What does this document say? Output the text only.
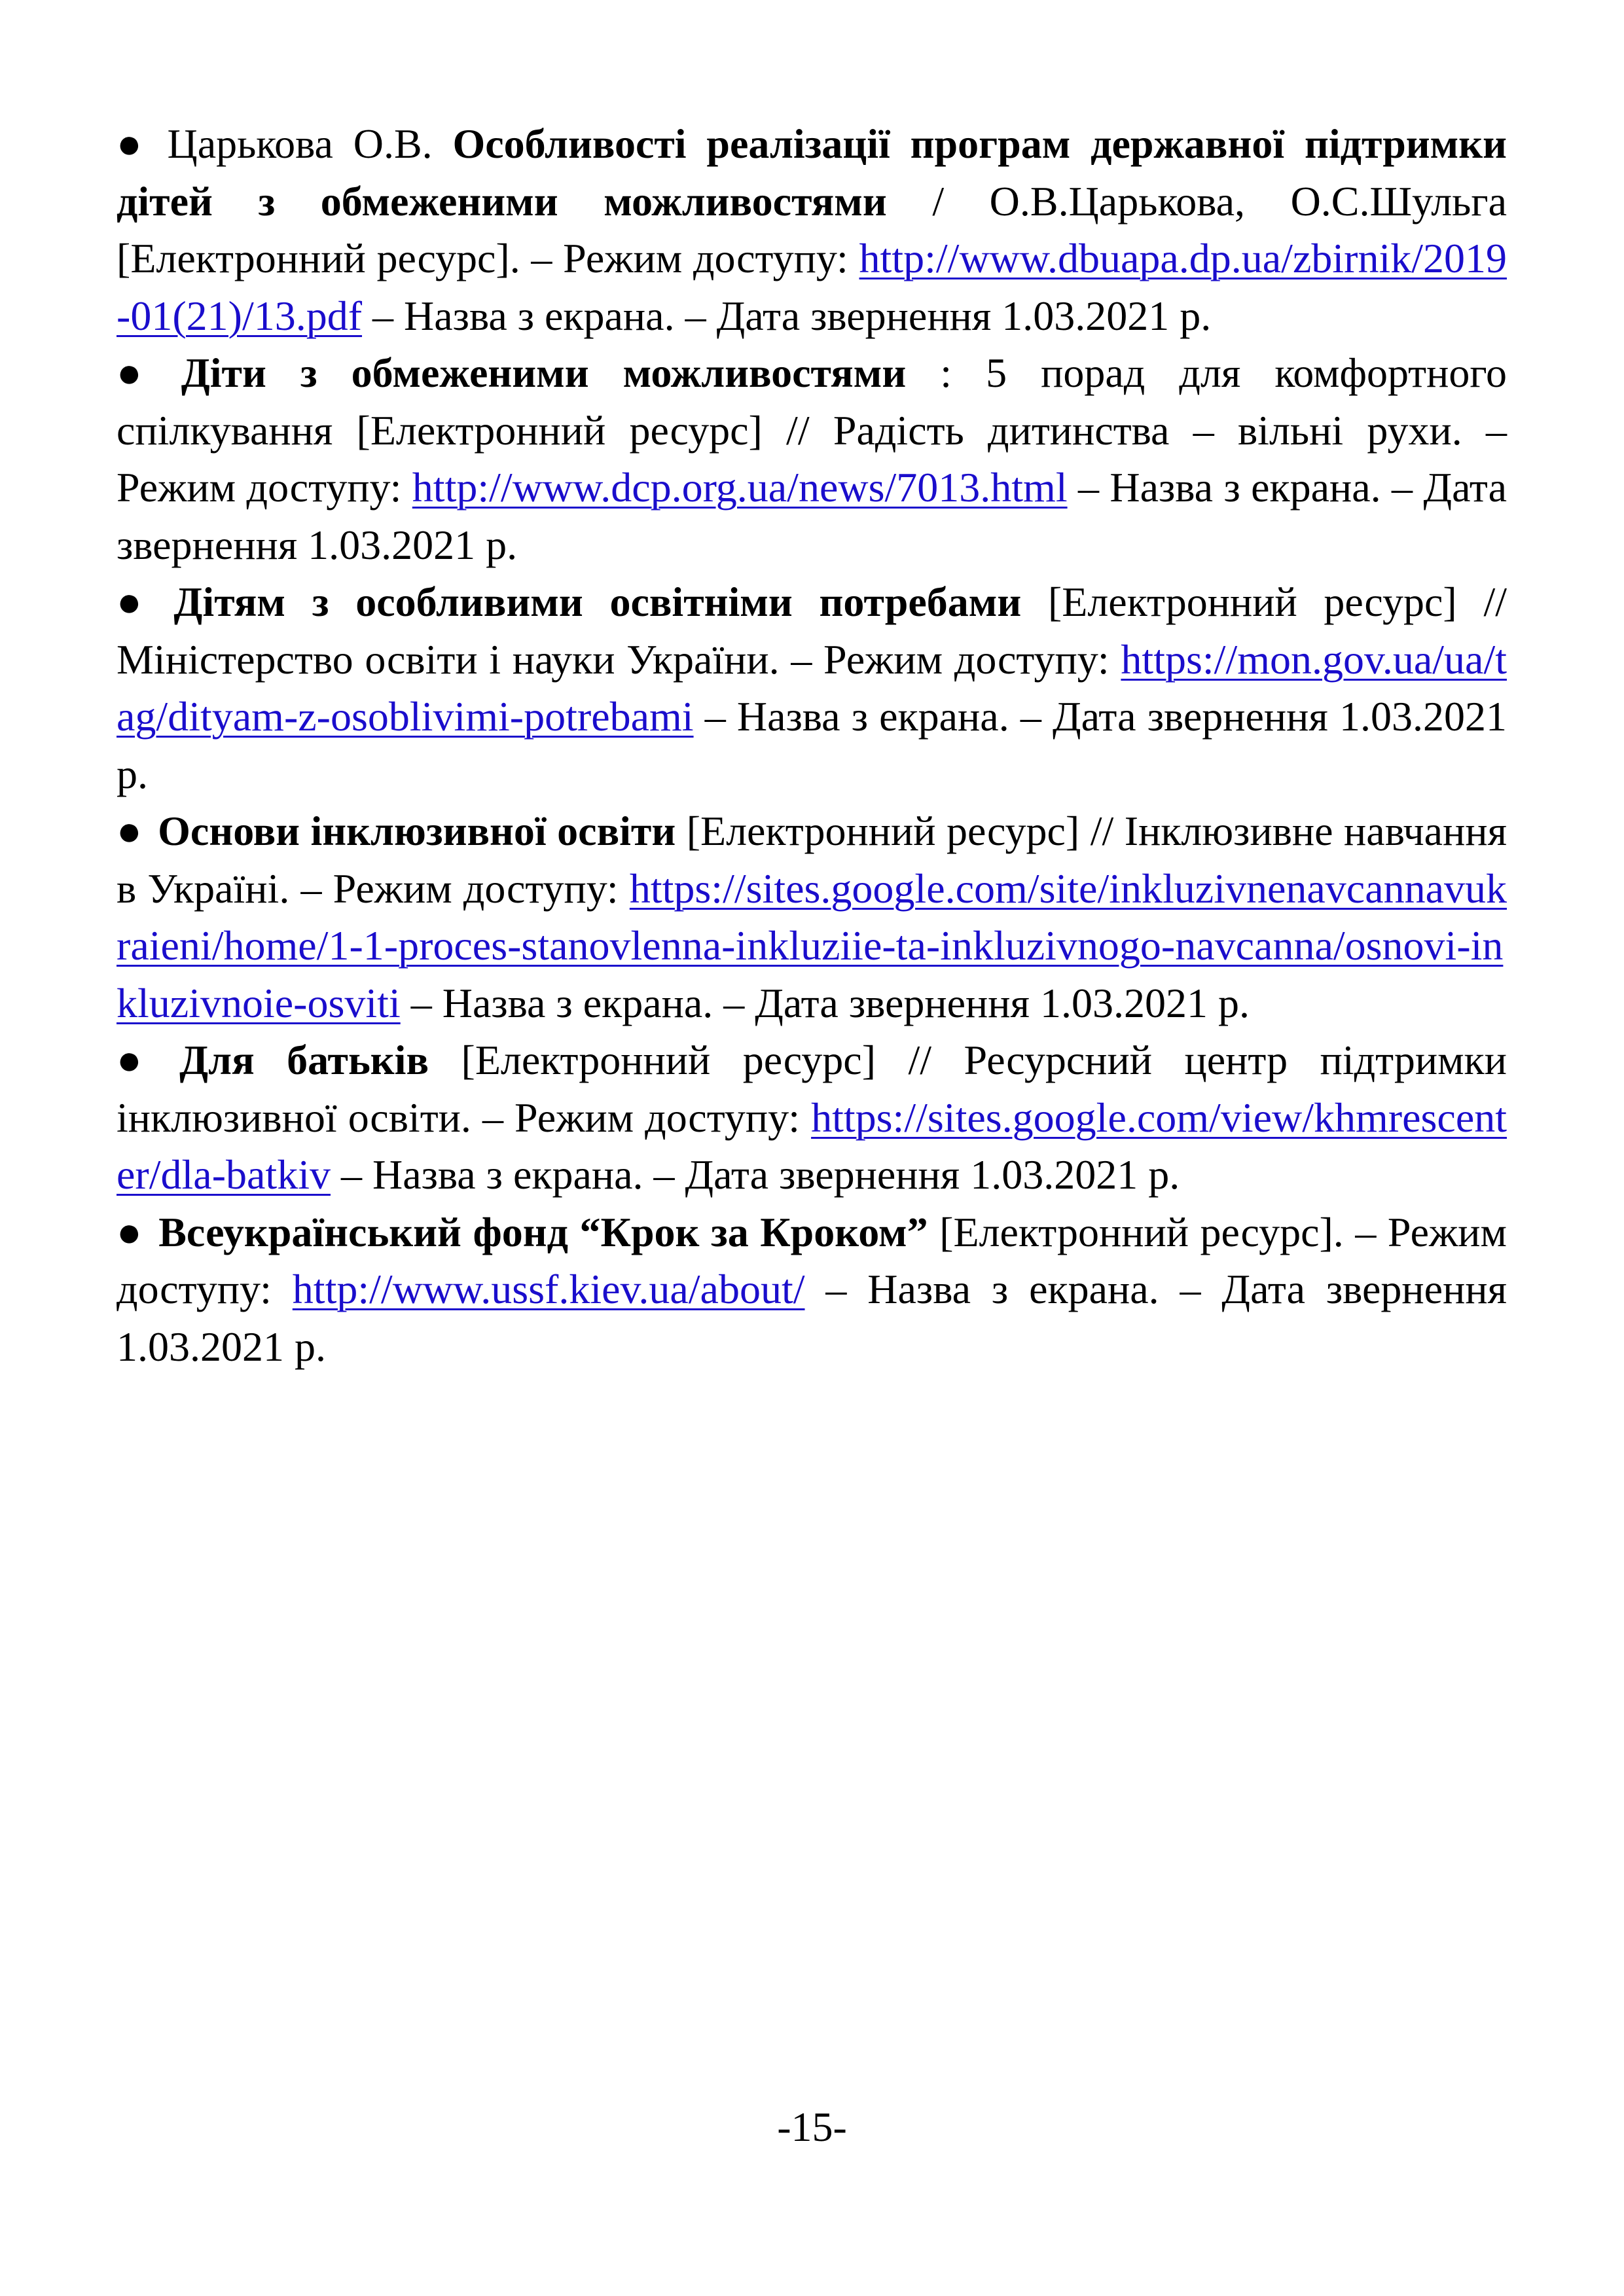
● Царькова О.В. Особливості реалізації програм державної підтримки дітей з обмеженими можливостями / О.В.Царькова, О.С.Шульга [Електронний ресурс]. – Режим доступу: http://www.dbuapa.dp.ua/zbirnik/2019-01(21)/13.pdf – Назва з екрана. – Дата звернення 1.03.2021 р.

● Діти з обмеженими можливостями : 5 порад для комфортного спілкування [Електронний ресурс] // Радість дитинства – вільні рухи. – Режим доступу: http://www.dcp.org.ua/news/7013.html – Назва з екрана. – Дата звернення 1.03.2021 р.

● Дітям з особливими освітніми потребами [Електронний ресурс] // Міністерство освіти і науки України. – Режим доступу: https://mon.gov.ua/ua/tag/dityam-z-osoblivimi-potrebami – Назва з екрана. – Дата звернення 1.03.2021 р.

● Основи інклюзивної освіти [Електронний ресурс] // Інклюзивне навчання в Україні. – Режим доступу: https://sites.google.com/site/inkluzivnenavcannavukraieni/home/1-1-proces-stanovlenna-inkluziie-ta-inkluzivnogo-navcanna/osnovi-inkluzivnoie-osviti – Назва з екрана. – Дата звернення 1.03.2021 р.

● Для батьків [Електронний ресурс] // Ресурсний центр підтримки інклюзивної освіти. – Режим доступу: https://sites.google.com/view/khmrescenter/dla-batkiv – Назва з екрана. – Дата звернення 1.03.2021 р.

● Всеукраїнський фонд “Крок за Кроком” [Електронний ресурс]. – Режим доступу: http://www.ussf.kiev.ua/about/ – Назва з екрана. – Дата звернення 1.03.2021 р.

-15-
